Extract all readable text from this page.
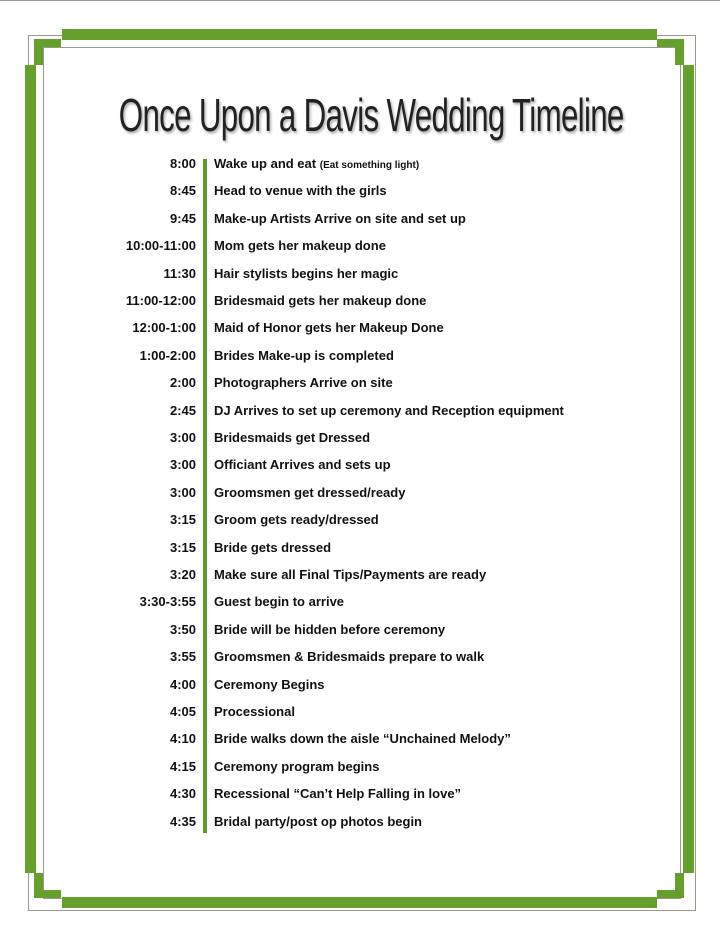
Once Upon a Davis Wedding Timeline
8:00 Wake up and eat (Eat something light)
8:45 Head to venue with the girls
9:45 Make-up Artists Arrive on site and set up
10:00-11:00 Mom gets her makeup done
11:30 Hair stylists begins her magic
11:00-12:00 Bridesmaid gets her makeup done
12:00-1:00 Maid of Honor gets her Makeup Done
1:00-2:00 Brides Make-up is completed
2:00 Photographers Arrive on site
2:45 DJ Arrives to set up ceremony and Reception equipment
3:00 Bridesmaids get Dressed
3:00 Officiant Arrives and sets up
3:00 Groomsmen get dressed/ready
3:15 Groom gets ready/dressed
3:15 Bride gets dressed
3:20 Make sure all Final Tips/Payments are ready
3:30-3:55 Guest begin to arrive
3:50 Bride will be hidden before ceremony
3:55 Groomsmen & Bridesmaids prepare to walk
4:00 Ceremony Begins
4:05 Processional
4:10 Bride walks down the aisle “Unchained Melody”
4:15 Ceremony program begins
4:30 Recessional “Can’t Help Falling in love”
4:35 Bridal party/post op photos begin
